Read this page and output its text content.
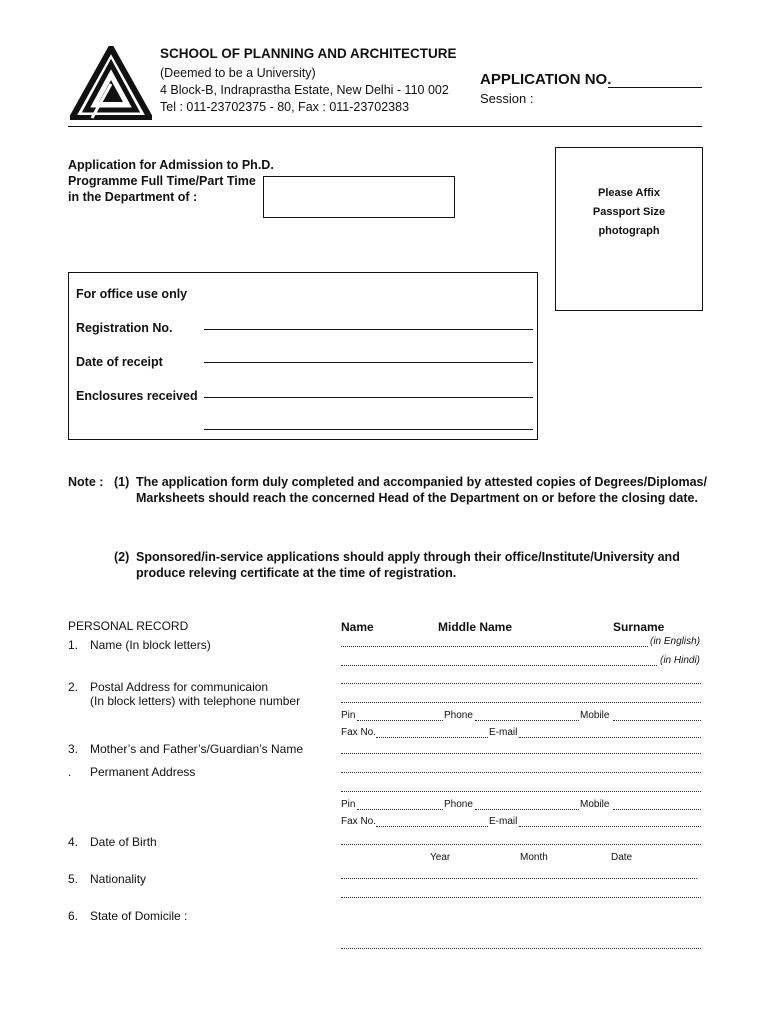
SCHOOL OF PLANNING AND ARCHITECTURE
(Deemed to be a University)
4 Block-B, Indraprastha Estate, New Delhi - 110 002
Tel : 011-23702375 - 80, Fax : 011-23702383
APPLICATION NO.
Session :
Application for Admission to Ph.D.
Programme Full Time/Part Time
in the Department of :	Please Affix
Passport Size
photograph
For office use only
Registration No.
Date of receipt
Enclosures received
Note : (1) The application form duly completed and accompanied by attested copies of Degrees/Diplomas/
Marksheets should reach the concerned Head of the Department on or before the closing date.
(2) Sponsored/in-service applications should apply through their office/Institute/University and
produce releving certificate at the time of registration.
PERSONAL RECORD	Name	Middle Name	Surname
1. Name (In block letters)	(in English)
(in Hindi)
2. Postal Address for communicaion
(In block letters) with telephone number
Pin	Phone	Mobile
Fax No.	E-mail
3. Mother’s and Father’s/Guardian’s Name
. Permanent Address
Pin	Phone	Mobile
Fax No.	E-mail
4. Date of Birth
Year	Month	Date
5. Nationality
6. State of Domicile :
